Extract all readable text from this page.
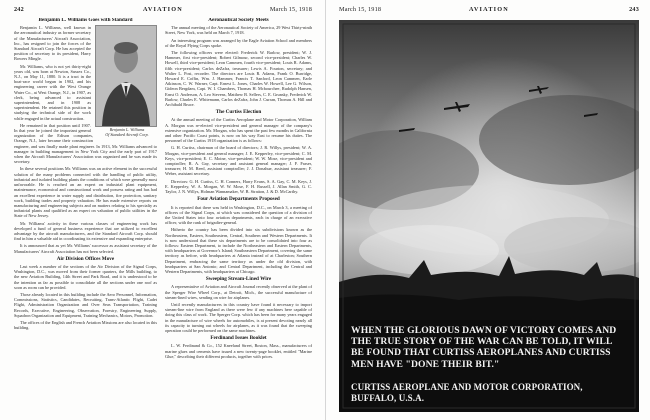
242	AVIATION	March 15, 1918
Benjamin L. Williams Goes with Standard
Benjamin L. Williams
Of Standard Aircraft Corp.

Benjamin L. Williams, well known in the aeronautical industry as former secretary of the Manufacturers' Aircraft Association, Inc., has resigned to join the forces of the Standard Aircraft Corp. He has accepted the position of secretary to its president, Harry Bowers Mingle.

Mr. Williams, who is not yet thirty-eight years old, was born at Newton, Sussex Co., N.J., on May 11, 1880. It is a tract in the boat-race world begun in 1902, and his engineering career with the West Orange Water Co., at West Orange, N.J., in 1907, as clerk, being advanced to assistant superintendent, and in 1908 as superintendent. He retained this position in studying the technical side of the work while engaged in the actual construction.

He remained in that position until 1907. In that year he joined the important general organization of the Edison companies, Orange, N.J., later became their construction engineer, and was finally made plant engineer. In 1913, Mr. Williams advanced to manager in building management in New York City and the early part of 1917 when the Aircraft Manufacturers' Association was organized and he was made its secretary.

In these several positions Mr. Williams was an active element in the successful solution of the many problems connected with the handling of public utility, industrial and isolated building plants the conditions of which were generally most unfavorable. He is reached an an expert on industrial plant equipment, maintenance, economical and constructional work and possess rating and has had an excellent experience in water supply and distribution, fire protection, sanitary work, building trades and property valuation. He has made extensive reports on manufacturing and engineering subjects and on matters relating to his specialty as industrial plants and qualified as an expert on valuation of public utilities in the State of New Jersey.

Mr. Williams' activity in these various classes of engineering work has developed a fund of general business experience that are utilized to excellent advantage by the aircraft manufacturers, and the Standard Aircraft Corp. should find in him a valuable aid in coordinating its extensive and expanding enterprise.

It is announced that as yet Mr. Williams' successor as assistant secretary of the Manufacturers' Aircraft Association has not been selected.

Air Division Offices Move

Last week a number of the sections of the Air Division of the Signal Corps, Washington, D.C., was moved from their former quarters, the Mills building, to the new Aviation Building, 14th Street and Park Road, and it is understood to be the intention as far as possible to consolidate all the sections under one roof as soon as room can be provided.

Those already located in this building include the Aero Personnel, Information, Commissions, Statistics, Candidates, Recruiting, Trans-Atlantic Flight, Cadet Flight, Administration Organization and Over Seas Transportation, Training Records, Executive, Engineering, Observation, Forestry, Engineering Supply, Squadron Organization and Equipment, Training Mechanics, Motors, Promotion.

The offices of the English and French Aviation Missions are also located in this building.

Aeronautical Society Meets

The annual meeting of the Aeronautical Society of America, 29 West Thirty-ninth Street, New York, was held on March 7, 1918.

An interesting program was arranged by the Eagle Aviation School and members of the Royal Flying Corps spoke.

The following officers were elected: Frederick W. Barlow, president; W. J. Hammer, first vice-president; Robert Gilmour, second vice-president; Charles W. Howell, third vice-president; Leon Cammen, fourth vice-president; Louis R. Adams, fifth vice-president; Carlos deZafra, treasurer; Lewis A. Fourton, secretary; and Walter L. Post, recorder. The directors are Louis R. Adams, Frank O. Burridge, Howard E. Coffin, Wm. J. Hammer, Francis T. Sanford, Leon Cammen, Earle Atkinson, C. W. Warner, Capt. Ernest L. Jones, Charles W. Howell, Lee G. Wilson, Gideon Bergdam, Capt. W. I. Chambers, Thomas H. Mcbourchee, Rudolph Hansen, Ernst O. Anderson, A. Leo Stevens, Matthew B. Sellers, C. E. Grunsky, Frederick W. Barlow, Charles E. Whitemann, Carlos deZafra, John J. Curran, Thomas A. Hill and Archibald Bruce.

The Curtiss Election

At the annual meeting of the Curtiss Aeroplane and Motor Corporation, William A. Morgan was re-elected vice-president and general manager of the company's extensive organization. Mr. Morgan, who has spent the past few months in California and other Pacific Coast points, is now on his way East to resume his duties. The personnel of the Curtiss 1918 organization is as follows:

G. H. Curtiss, chairman of the board of directors; J. R. Willys, president; W. A. Morgan, vice-president and general manager; J. E. Kepperley, vice-president; C. M. Keys, vice-president; E. C. Moine, vice-president; W. W. Mose, vice-president and comptroller; R. A. Gay, secretary and assistant general manager; J. F. Fraser, treasurer; H. M. Reed, assistant comptroller; J. J. Donahue, assistant treasurer; F. Weber, assistant secretary.

Directors: G. H. Curtiss, C. H. Conners, Harry Evans, S. A. Gay, C. M. Keys, J. E. Kepperley, W. A. Morgan, W. W. Mose, F. H. Russell, J. Allan Smith, G. C. Taylor, J. N. Willys, Holman Wannamaker, W. B. Stratton, J. & D. McCarthy.

Four Aviation Departments Proposed

It is reported that there was held in Washington, D.C., on March 3, a meeting of officers of the Signal Corps, at which was considered the question of a division of the United States into four aviation departments, each in charge of an executive officer, with the rank of brigadier-general.

Hitherto the country has been divided into six subdivisions known as the Northeastern, Eastern, Southeastern, Central, Southern and Western Departments. It is now understood that these six departments are to be consolidated into four as follows: Eastern Department, to include the Northeastern and Eastern Departments, with headquarters at Governor's Island; Southeastern Department, covering the same territory as before, with headquarters at Atlanta instead of at Charleston; Southern Department, embracing the same territory as under the old division, with headquarters at San Antonio; and Central Department, including the Central and Western Departments, with headquarters at Chicago.

Sweeping Stream-Lined Wire

A representative of Aviation and Aircraft Journal recently observed at the plant of the Sperger Wire Wheel Corp., at Detroit, Mich., the successful manufacture of stream-lined wires, sending on wire for airplanes.

Until recently manufacturers in this country have found it necessary to import stream-line wire from England as there were few if any machines here capable of doing this class of work. The Sperger Corp. which has been for many years engaged in the manufacture of wire wheels for automobiles, is at present devoting nearly all its capacity to turning out wheels for airplanes, as it was found that the sweeping operation could be performed on the same machines.

Ferdinand Issues Booklet

L. W. Ferdinand & Co., 152 Kneeland Street, Boston, Mass., manufacturers of marine glues and cements have issued a new twenty-page booklet, entitled "Marine Glue," describing their different products, together with prices.

March 15, 1918	AVIATION	243
WHEN THE GLORIOUS DAWN OF VICTORY COMES AND THE TRUE STORY OF THE WAR CAN BE TOLD, IT WILL BE FOUND THAT CURTISS AEROPLANES AND CURTISS MEN HAVE "DONE THEIR BIT."
CURTISS AEROPLANE AND MOTOR CORPORATION, BUFFALO, U.S.A.
